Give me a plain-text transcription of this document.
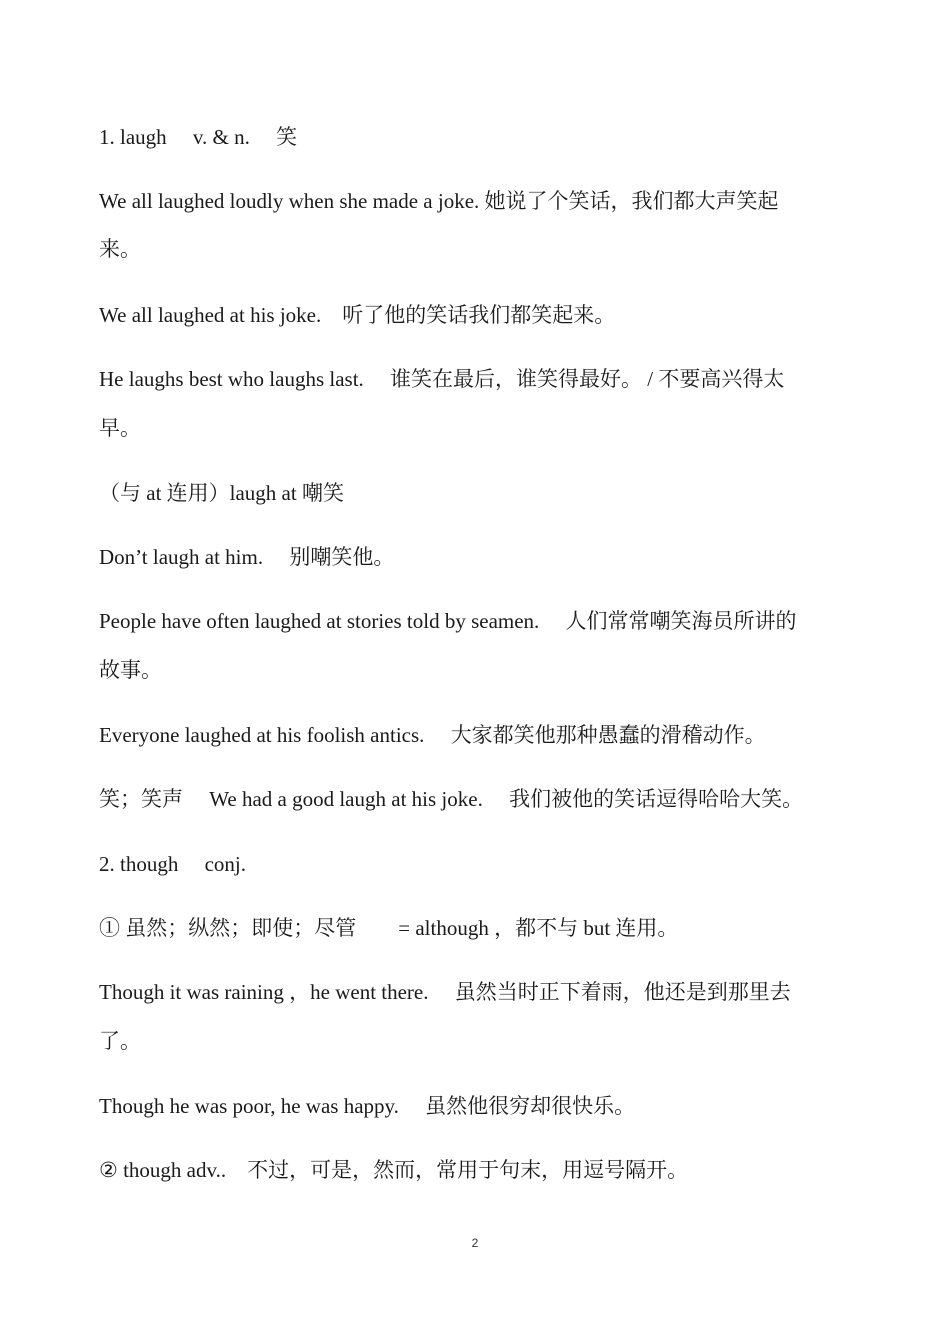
1. laugh　 v. & n.　 笑
We all laughed loudly when she made a joke. 她说了个笑话，我们都大声笑起
来。
We all laughed at his joke.　听了他的笑话我们都笑起来。
He laughs best who laughs last.　 谁笑在最后，谁笑得最好。 / 不要高兴得太
早。
（与 at 连用）laugh at 嘲笑
Don’t laugh at him.　 别嘲笑他。
People have often laughed at stories told by seamen.　 人们常常嘲笑海员所讲的
故事。
Everyone laughed at his foolish antics.　 大家都笑他那种愚蠢的滑稽动作。
笑；笑声　 We had a good laugh at his joke.　 我们被他的笑话逗得哈哈大笑。
2. though　 conj.
① 虽然；纵然；即使；尽管　　= although ，都不与 but 连用。
Though it was raining ，he went there.　 虽然当时正下着雨，他还是到那里去
了。
Though he was poor, he was happy.　 虽然他很穷却很快乐。
② though adv..　不过，可是，然而，常用于句末，用逗号隔开。
2
